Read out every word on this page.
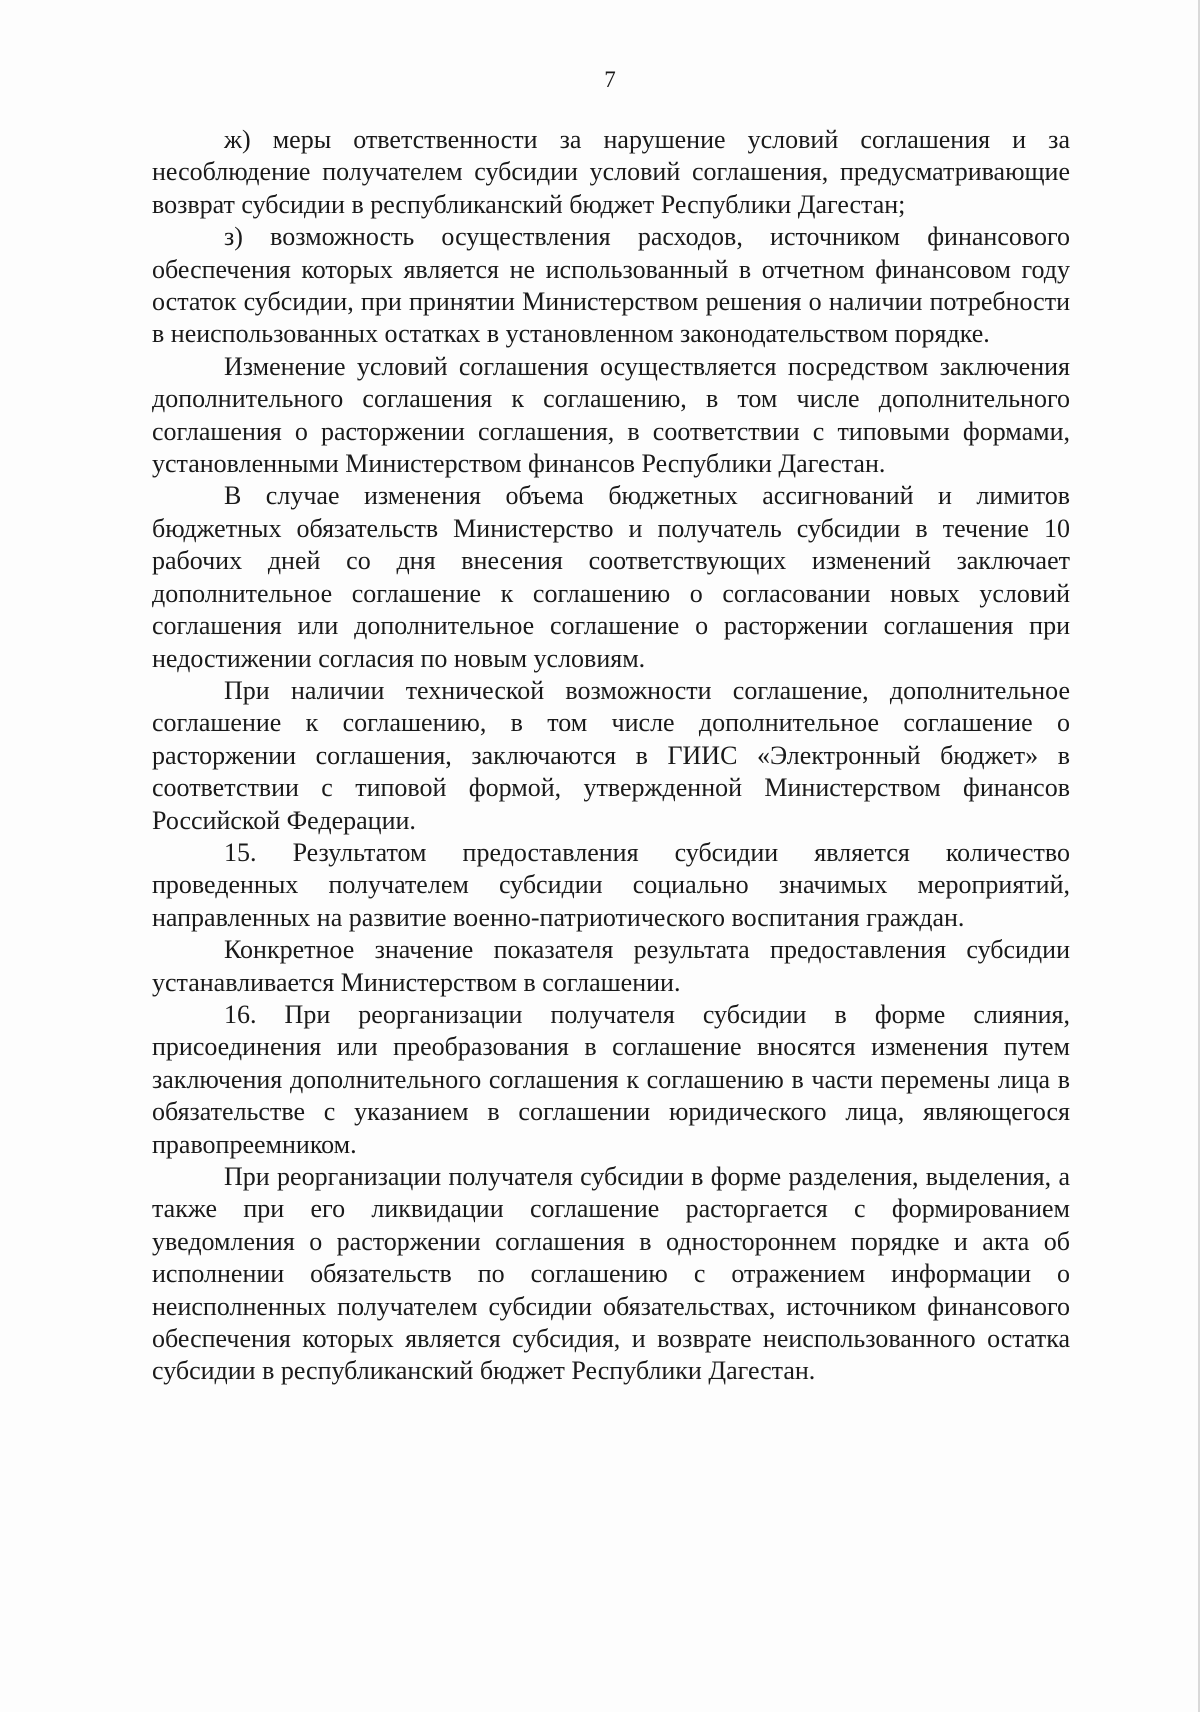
7

ж) меры ответственности за нарушение условий соглашения и за несоблюдение получателем субсидии условий соглашения, предусматривающие возврат субсидии в республиканский бюджет Республики Дагестан;

з) возможность осуществления расходов, источником финансового обеспечения которых является не использованный в отчетном финансовом году остаток субсидии, при принятии Министерством решения о наличии потребности в неиспользованных остатках в установленном законодательством порядке.

Изменение условий соглашения осуществляется посредством заключения дополнительного соглашения к соглашению, в том числе дополнительного соглашения о расторжении соглашения, в соответствии с типовыми формами, установленными Министерством финансов Республики Дагестан.

В случае изменения объема бюджетных ассигнований и лимитов бюджетных обязательств Министерство и получатель субсидии в течение 10 рабочих дней со дня внесения соответствующих изменений заключает дополнительное соглашение к соглашению о согласовании новых условий соглашения или дополнительное соглашение о расторжении соглашения при недостижении согласия по новым условиям.

При наличии технической возможности соглашение, дополнительное соглашение к соглашению, в том числе дополнительное соглашение о расторжении соглашения, заключаются в ГИИС «Электронный бюджет» в соответствии с типовой формой, утвержденной Министерством финансов Российской Федерации.

15. Результатом предоставления субсидии является количество проведенных получателем субсидии социально значимых мероприятий, направленных на развитие военно-патриотического воспитания граждан.

Конкретное значение показателя результата предоставления субсидии устанавливается Министерством в соглашении.

16. При реорганизации получателя субсидии в форме слияния, присоединения или преобразования в соглашение вносятся изменения путем заключения дополнительного соглашения к соглашению в части перемены лица в обязательстве с указанием в соглашении юридического лица, являющегося правопреемником.

При реорганизации получателя субсидии в форме разделения, выделения, а также при его ликвидации соглашение расторгается с формированием уведомления о расторжении соглашения в одностороннем порядке и акта об исполнении обязательств по соглашению с отражением информации о неисполненных получателем субсидии обязательствах, источником финансового обеспечения которых является субсидия, и возврате неиспользованного остатка субсидии в республиканский бюджет Республики Дагестан.
